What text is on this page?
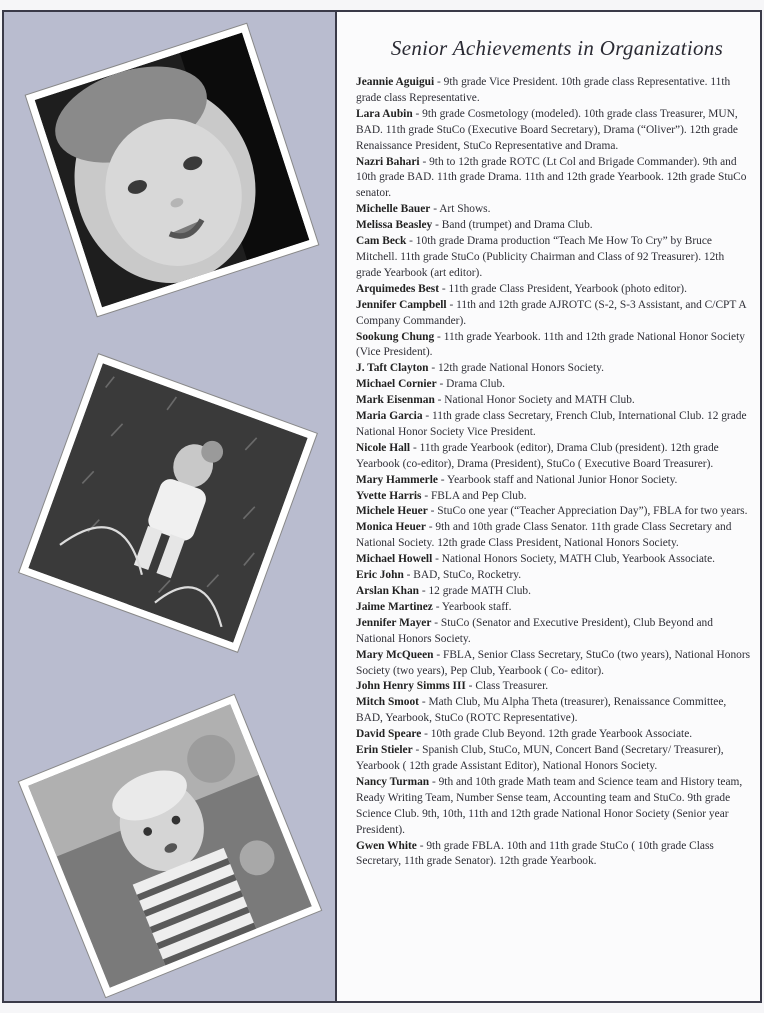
Senior Achievements in Organizations

Jeannie Aguigui - 9th grade Vice President. 10th grade class Representative. 11th grade class Representative.

Lara Aubin - 9th grade Cosmetology (modeled). 10th grade class Treasurer, MUN, BAD. 11th grade StuCo (Executive Board Secretary), Drama (“Oliver”). 12th grade Renaissance President, StuCo Representative and Drama.

Nazri Bahari - 9th to 12th grade ROTC (Lt Col and Brigade Commander). 9th and 10th grade BAD. 11th grade Drama. 11th and 12th grade Yearbook. 12th grade StuCo senator.

Michelle Bauer - Art Shows.

Melissa Beasley - Band (trumpet) and Drama Club.

Cam Beck - 10th grade Drama production “Teach Me How To Cry” by Bruce Mitchell. 11th grade StuCo (Publicity Chairman and Class of 92 Treasurer). 12th grade Yearbook (art editor).

Arquimedes Best - 11th grade Class President, Yearbook (photo editor).

Jennifer Campbell - 11th and 12th grade AJROTC (S-2, S-3 Assistant, and C/CPT A Company Commander).

Sookung Chung - 11th grade Yearbook. 11th and 12th grade National Honor Society (Vice President).

J. Taft Clayton - 12th grade National Honors Society.

Michael Cornier - Drama Club.

Mark Eisenman - National Honor Society and MATH Club.

Maria Garcia - 11th grade class Secretary, French Club, International Club. 12 grade National Honor Society Vice President.

Nicole Hall - 11th grade Yearbook (editor), Drama Club (president). 12th grade Yearbook (co-editor), Drama (President), StuCo ( Executive Board Treasurer).

Mary Hammerle - Yearbook staff and National Junior Honor Society.

Yvette Harris - FBLA and Pep Club.

Michele Heuer - StuCo one year (“Teacher Appreciation Day”), FBLA for two years.

Monica Heuer - 9th and 10th grade Class Senator. 11th grade Class Secretary and National Society. 12th grade Class President, National Honors Society.

Michael Howell - National Honors Society, MATH Club, Yearbook Associate.

Eric John - BAD, StuCo, Rocketry.

Arslan Khan - 12 grade MATH Club.

Jaime Martinez - Yearbook staff.

Jennifer Mayer - StuCo (Senator and Executive President), Club Beyond and National Honors Society.

Mary McQueen - FBLA, Senior Class Secretary, StuCo (two years), National Honors Society (two years), Pep Club, Yearbook ( Co- editor).

John Henry Simms III - Class Treasurer.

Mitch Smoot - Math Club, Mu Alpha Theta (treasurer), Renaissance Committee, BAD, Yearbook, StuCo (ROTC Representative).

David Speare - 10th grade Club Beyond. 12th grade Yearbook Associate.

Erin Stieler - Spanish Club, StuCo, MUN, Concert Band (Secretary/ Treasurer), Yearbook ( 12th grade Assistant Editor), National Honors Society.

Nancy Turman - 9th and 10th grade Math team and Science team and History team, Ready Writing Team, Number Sense team, Accounting team and StuCo. 9th grade Science Club. 9th, 10th, 11th and 12th grade National Honor Society (Senior year President).

Gwen White - 9th grade FBLA. 10th and 11th grade StuCo ( 10th grade Class Secretary, 11th grade Senator). 12th grade Yearbook.
